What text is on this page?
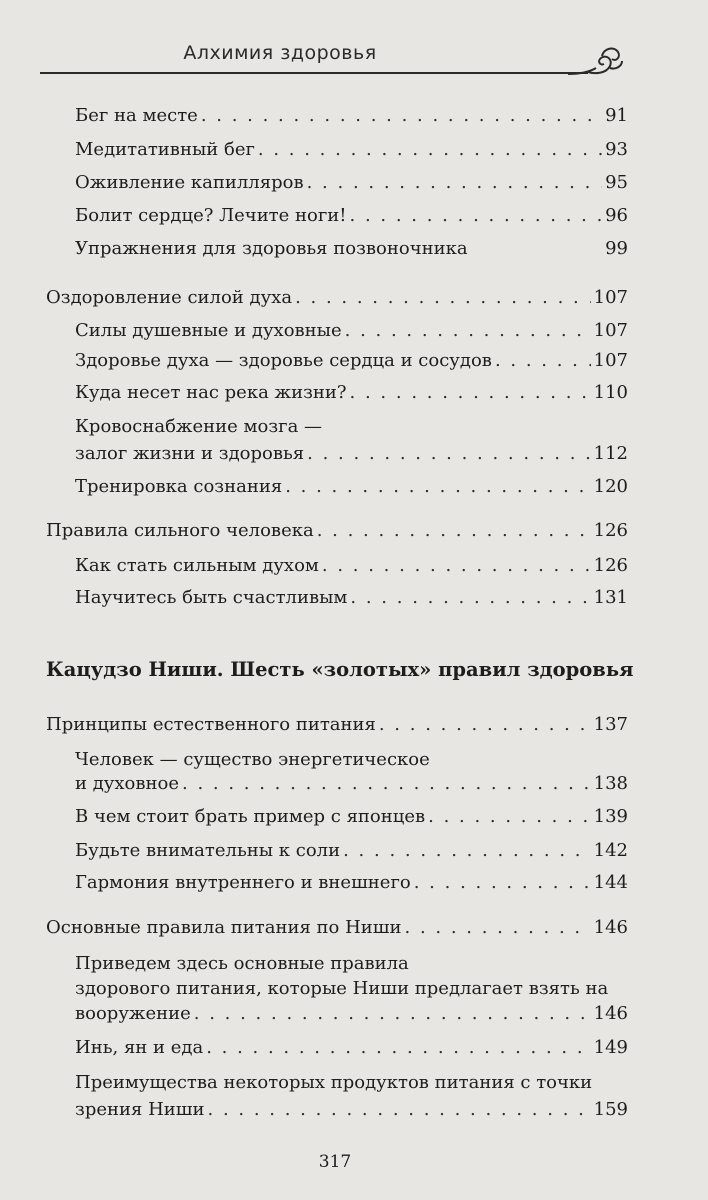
Алхимия здоровья
Бег на месте . . .	91
Медитативный бег . . .	93
Оживление капилляров . . .	95
Болит сердце? Лечите ноги! . . .	96
Упражнения для здоровья позвоночника	99
Оздоровление силой духа . . .	107
Силы душевные и духовные . . .	107
Здоровье духа — здоровье сердца и сосудов . . .	107
Куда несет нас река жизни? . . .	110
Кровоснабжение мозга —
залог жизни и здоровья . . .	112
Тренировка сознания . . .	120
Правила сильного человека . . .	126
Как стать сильным духом . . .	126
Научитесь быть счастливым . . .	131
Кацудзо Ниши. Шесть «золотых» правил здоровья
Принципы естественного питания . . .	137
Человек — существо энергетическое
и духовное . . .	138
В чем стоит брать пример с японцев . . .	139
Будьте внимательны к соли . . .	142
Гармония внутреннего и внешнего . . .	144
Основные правила питания по Ниши . . .	146
Приведем здесь основные правила
здорового питания, которые Ниши предлагает взять на
вооружение . . .	146
Инь, ян и еда . . .	149
Преимущества некоторых продуктов питания с точки
зрения Ниши . . .	159
317
